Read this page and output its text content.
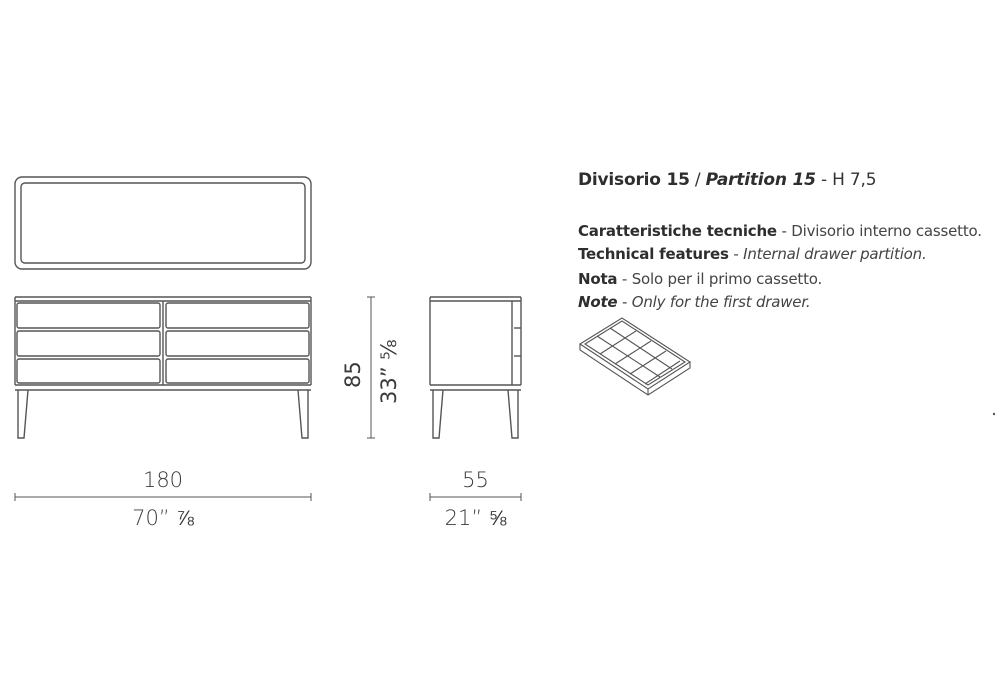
180
70” ⅞
55
21” ⅝
85 33” ⅝
Divisorio 15 / Partition 15 - H 7,5
Caratteristiche tecniche - Divisorio interno cassetto.
Technical features - Internal drawer partition.
Nota - Solo per il primo cassetto.
Note - Only for the first drawer.
